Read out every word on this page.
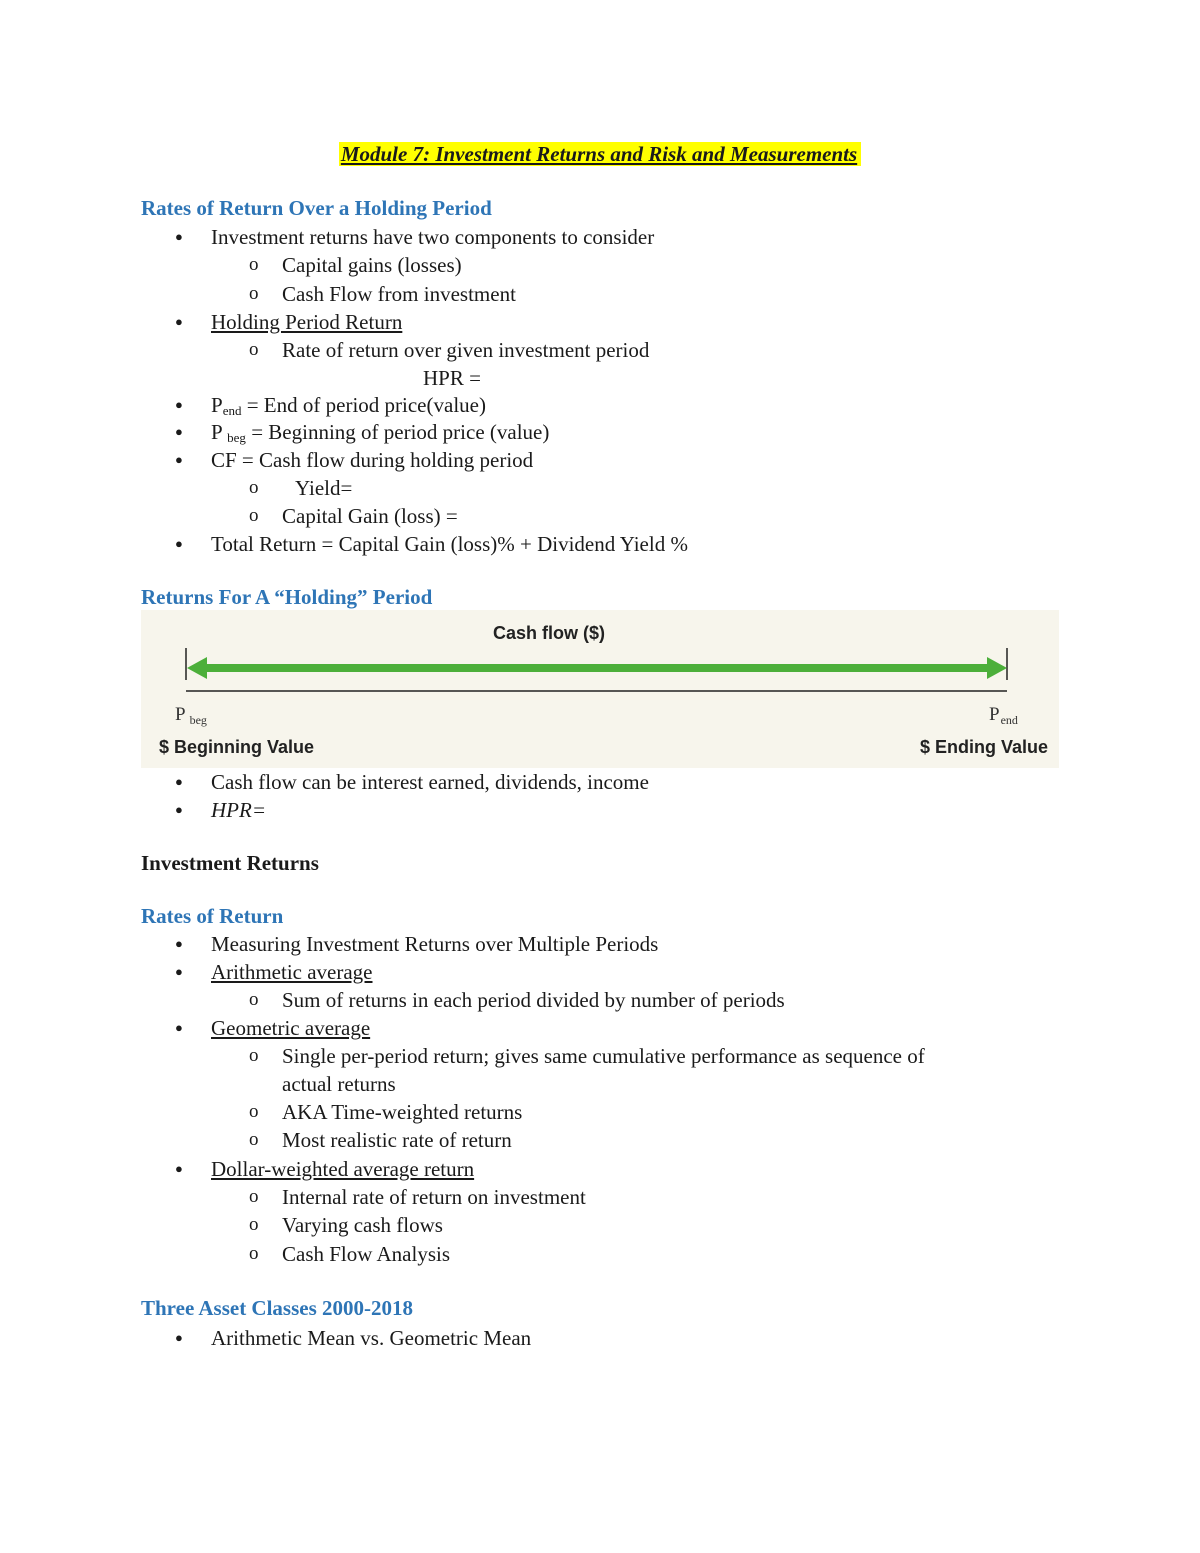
Module 7: Investment Returns and Risk and Measurements
Rates of Return Over a Holding Period
● Investment returns have two components to consider
o Capital gains (losses)
o Cash Flow from investment
● Holding Period Return
o Rate of return over given investment period
HPR =
● $P_{end}$ = End of period price(value)
● P $_{beg}$ = Beginning of period price (value)
● CF = Cash flow during holding period
o Yield=
o Capital Gain (loss) =
● Total Return = Capital Gain (loss)% + Dividend Yield %
Returns For A “Holding” Period
Cash flow ($)
P $_{beg}$	$P_{end}$
$ Beginning Value	$ Ending Value
● Cash flow can be interest earned, dividends, income
● HPR=
Investment Returns
Rates of Return
● Measuring Investment Returns over Multiple Periods
● Arithmetic average
o Sum of returns in each period divided by number of periods
● Geometric average
o Single per-period return; gives same cumulative performance as sequence of
actual returns
o AKA Time-weighted returns
o Most realistic rate of return
● Dollar-weighted average return
o Internal rate of return on investment
o Varying cash flows
o Cash Flow Analysis
Three Asset Classes 2000-2018
● Arithmetic Mean vs. Geometric Mean
